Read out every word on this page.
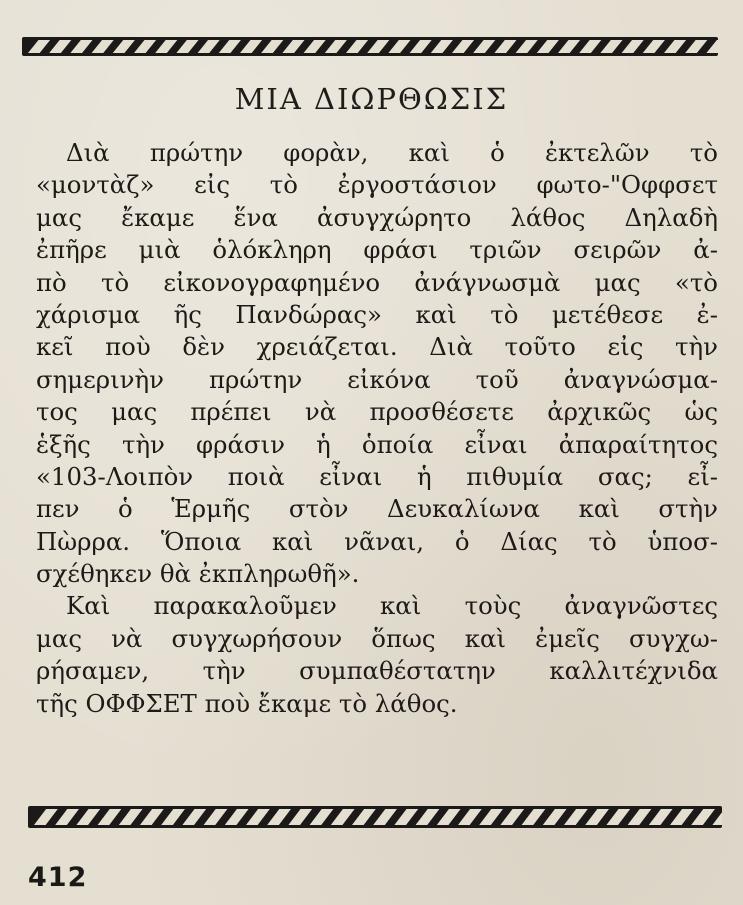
ΜΙΑ ΔΙΩΡΘΩΣΙΣ
Διὰ πρώτην φορὰν, καὶ ὁ ἐκτελῶν τὸ
«μοντὰζ» εἰς τὸ ἐργοστάσιον φωτο-"Οφφσετ
μας ἔκαμε ἕνα ἀσυγχώρητο λάθος Δηλαδὴ
ἐπῆρε μιὰ ὁλόκληρη φράσι τριῶν σειρῶν ἀ-
πὸ τὸ εἰκονογραφημένο ἀνάγνωσμὰ μας «τὸ
χάρισμα ῆς Πανδώρας» καὶ τὸ μετέθεσε ἐ-
κεῖ ποὺ δὲν χρειάζεται. Διὰ τοῦτο εἰς τὴν
σημερινὴν πρώτην εἰκόνα τοῦ ἀναγνώσμα-
τος μας πρέπει νὰ προσθέσετε ἀρχικῶς ὡς
ἑξῆς τὴν φράσιν ἡ ὁποία εἶναι ἀπαραίτητος
«103-Λοιπὸν ποιὰ εἶναι ἡ πιθυμία σας; εἶ-
πεν ὁ Ἑρμῆς στὸν Δευκαλίωνα καὶ στὴν
Πὼρρα. Ὅποια καὶ νᾶναι, ὁ Δίας τὸ ὑποσ-
σχέθηκεν θὰ ἐκπληρωθῆ».
Καὶ παρακαλοῦμεν καὶ τοὺς ἀναγνῶστες
μας νὰ συγχωρήσουν ὅπως καὶ ἐμεῖς συγχω-
ρήσαμεν, τὴν συμπαθέστατην καλλιτέχνιδα
τῆς ΟΦΦΣΕΤ ποὺ ἔκαμε τὸ λάθος.
412
